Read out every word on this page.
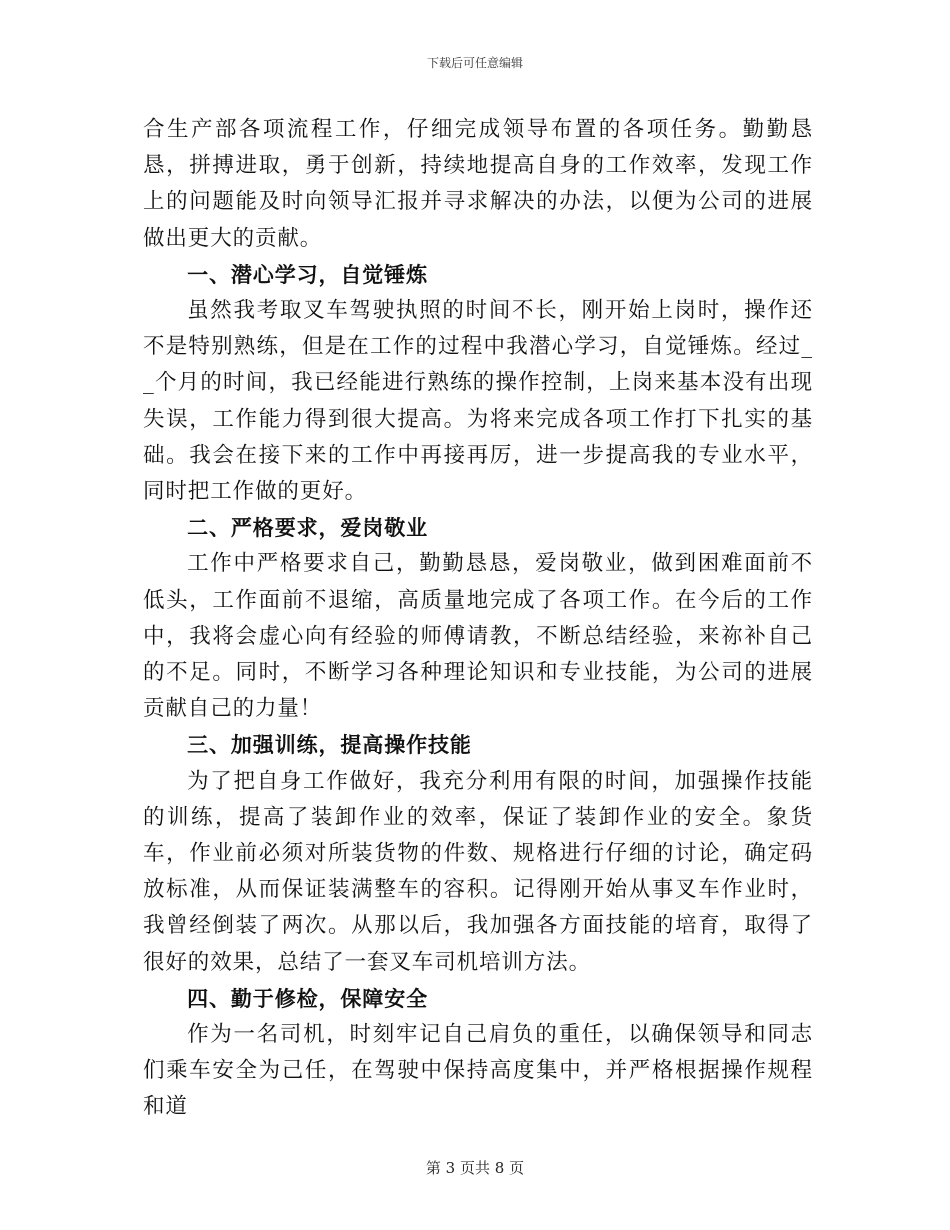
下载后可任意编辑

合生产部各项流程工作，仔细完成领导布置的各项任务。勤勤恳恳，拼搏进取，勇于创新，持续地提高自身的工作效率，发现工作上的问题能及时向领导汇报并寻求解决的办法，以便为公司的进展做出更大的贡献。

一、潜心学习，自觉锤炼

虽然我考取叉车驾驶执照的时间不长，刚开始上岗时，操作还不是特别熟练，但是在工作的过程中我潜心学习，自觉锤炼。经过__个月的时间，我已经能进行熟练的操作控制，上岗来基本没有出现失误，工作能力得到很大提高。为将来完成各项工作打下扎实的基础。我会在接下来的工作中再接再厉，进一步提高我的专业水平，同时把工作做的更好。

二、严格要求，爱岗敬业

工作中严格要求自己，勤勤恳恳，爱岗敬业，做到困难面前不低头，工作面前不退缩，高质量地完成了各项工作。在今后的工作中，我将会虚心向有经验的师傅请教，不断总结经验，来祢补自己的不足。同时，不断学习各种理论知识和专业技能，为公司的进展贡献自己的力量！

三、加强训练，提高操作技能

为了把自身工作做好，我充分利用有限的时间，加强操作技能的训练，提高了装卸作业的效率，保证了装卸作业的安全。象货车，作业前必须对所装货物的件数、规格进行仔细的讨论，确定码放标准，从而保证装满整车的容积。记得刚开始从事叉车作业时，我曾经倒装了两次。从那以后，我加强各方面技能的培育，取得了很好的效果，总结了一套叉车司机培训方法。

四、勤于修检，保障安全

作为一名司机，时刻牢记自己肩负的重任，以确保领导和同志们乘车安全为己任，在驾驶中保持高度集中，并严格根据操作规程和道

第 3 页共 8 页
